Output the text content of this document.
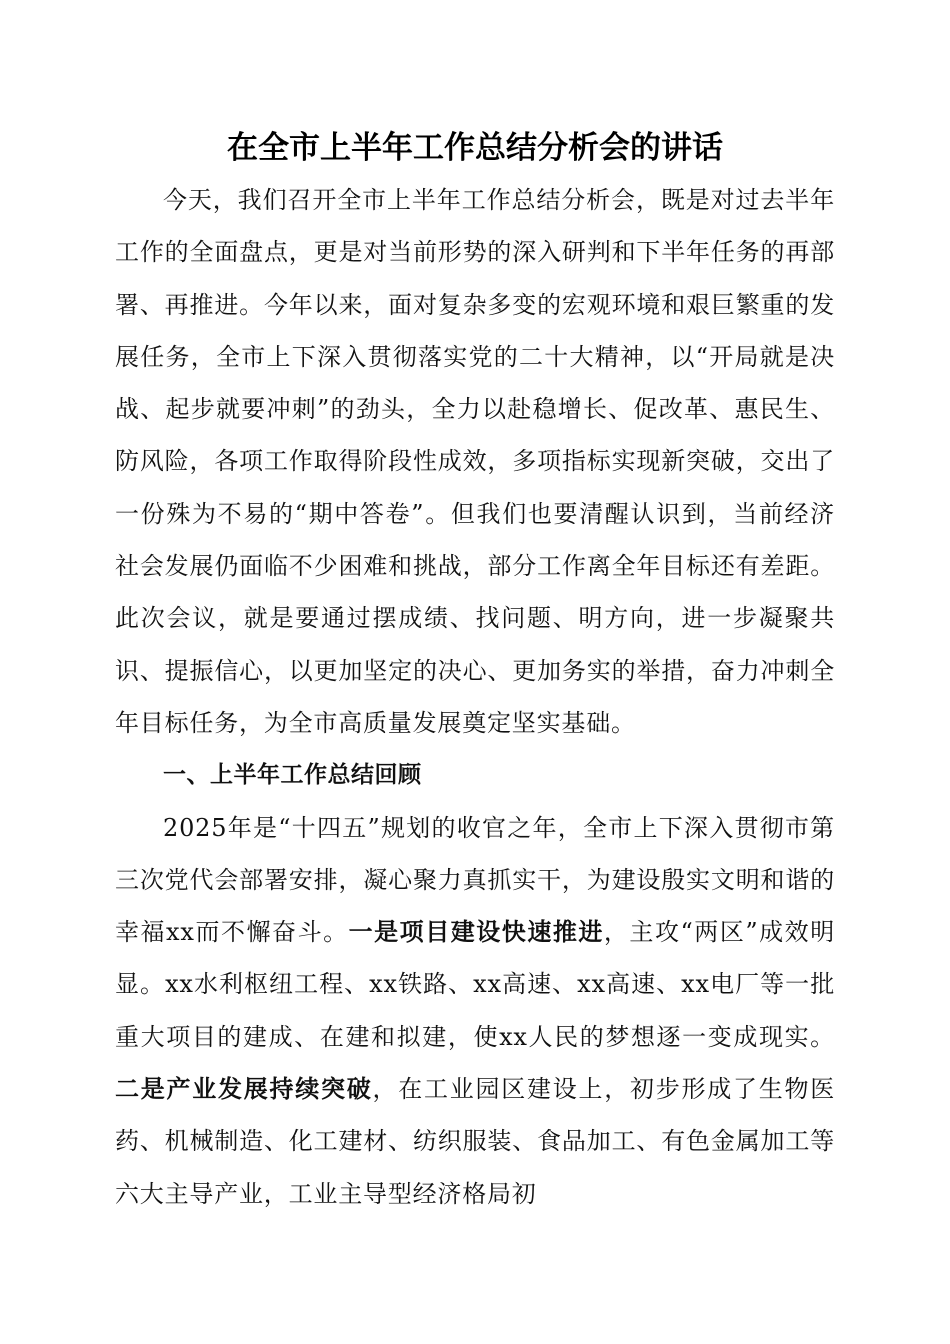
在全市上半年工作总结分析会的讲话

今天，我们召开全市上半年工作总结分析会，既是对过去半年工作的全面盘点，更是对当前形势的深入研判和下半年任务的再部署、再推进。今年以来，面对复杂多变的宏观环境和艰巨繁重的发展任务，全市上下深入贯彻落实党的二十大精神，以“开局就是决战、起步就要冲刺”的劲头，全力以赴稳增长、促改革、惠民生、防风险，各项工作取得阶段性成效，多项指标实现新突破，交出了一份殊为不易的“期中答卷”。但我们也要清醒认识到，当前经济社会发展仍面临不少困难和挑战，部分工作离全年目标还有差距。此次会议，就是要通过摆成绩、找问题、明方向，进一步凝聚共识、提振信心，以更加坚定的决心、更加务实的举措，奋力冲刺全年目标任务，为全市高质量发展奠定坚实基础。

一、上半年工作总结回顾

2025年是“十四五”规划的收官之年，全市上下深入贯彻市第三次党代会部署安排，凝心聚力真抓实干，为建设殷实文明和谐的幸福xx而不懈奋斗。一是项目建设快速推进，主攻“两区”成效明显。xx水利枢纽工程、xx铁路、xx高速、xx高速、xx电厂等一批重大项目的建成、在建和拟建，使xx人民的梦想逐一变成现实。二是产业发展持续突破，在工业园区建设上，初步形成了生物医药、机械制造、化工建材、纺织服装、食品加工、有色金属加工等六大主导产业，工业主导型经济格局初
